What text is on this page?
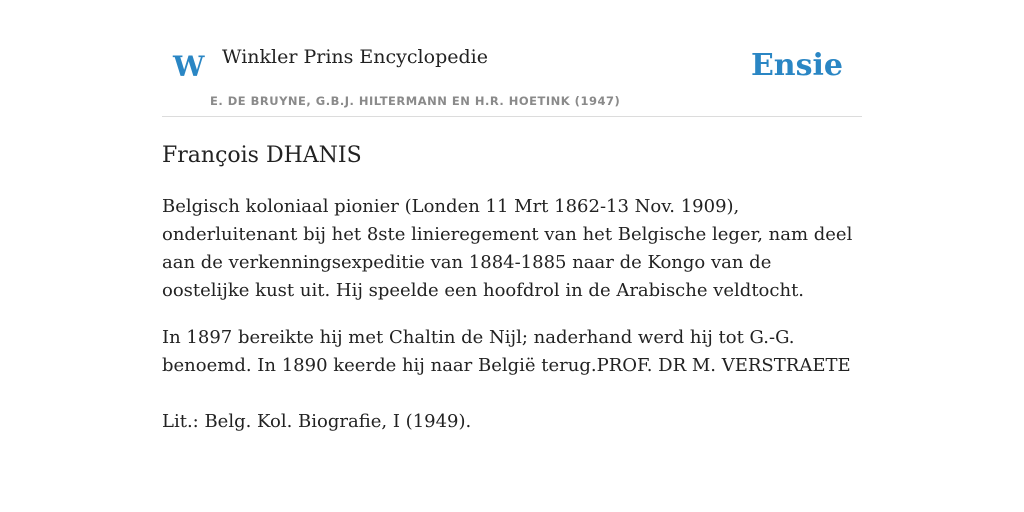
W Winkler Prins Encyclopedie
E. DE BRUYNE, G.B.J. HILTERMANN EN H.R. HOETINK (1947)
Ensie
François DHANIS

Belgisch koloniaal pionier (Londen 11 Mrt 1862-13 Nov. 1909), onderluitenant bij het 8ste linieregement van het Belgische leger, nam deel aan de verkenningsexpeditie van 1884-1885 naar de Kongo van de oostelijke kust uit. Hij speelde een hoofdrol in de Arabische veldtocht.

In 1897 bereikte hij met Chaltin de Nijl; naderhand werd hij tot G.-G. benoemd. In 1890 keerde hij naar België terug.PROF. DR M. VERSTRAETE

Lit.: Belg. Kol. Biografie, I (1949).
